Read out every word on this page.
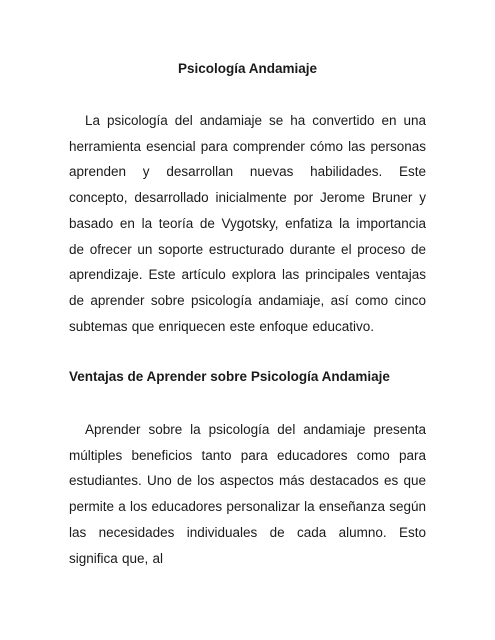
Psicología Andamiaje

La psicología del andamiaje se ha convertido en una herramienta esencial para comprender cómo las personas aprenden y desarrollan nuevas habilidades. Este concepto, desarrollado inicialmente por Jerome Bruner y basado en la teoría de Vygotsky, enfatiza la importancia de ofrecer un soporte estructurado durante el proceso de aprendizaje. Este artículo explora las principales ventajas de aprender sobre psicología andamiaje, así como cinco subtemas que enriquecen este enfoque educativo.

Ventajas de Aprender sobre Psicología Andamiaje

Aprender sobre la psicología del andamiaje presenta múltiples beneficios tanto para educadores como para estudiantes. Uno de los aspectos más destacados es que permite a los educadores personalizar la enseñanza según las necesidades individuales de cada alumno. Esto significa que, al
